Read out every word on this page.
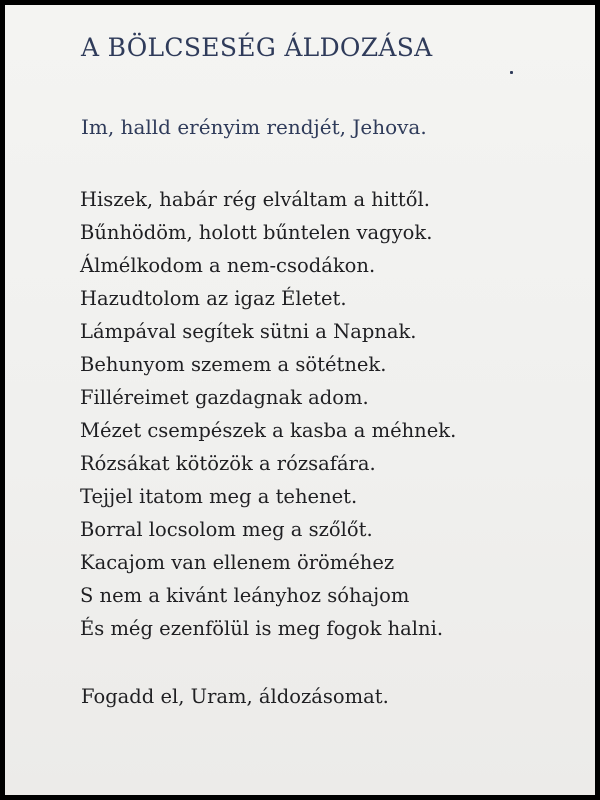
A BÖLCSESÉG ÁLDOZÁSA

Im, halld erényim rendjét, Jehova.

Hiszek, habár rég elváltam a hittől.

Bűnhödöm, holott bűntelen vagyok.

Álmélkodom a nem-csodákon.

Hazudtolom az igaz Életet.

Lámpával segítek sütni a Napnak.

Behunyom szemem a sötétnek.

Filléreimet gazdagnak adom.

Mézet csempészek a kasba a méhnek.

Rózsákat kötözök a rózsafára.

Tejjel itatom meg a tehenet.

Borral locsolom meg a szőlőt.

Kacajom van ellenem öröméhez

S nem a kivánt leányhoz sóhajom

És még ezenfölül is meg fogok halni.

Fogadd el, Uram, áldozásomat.
